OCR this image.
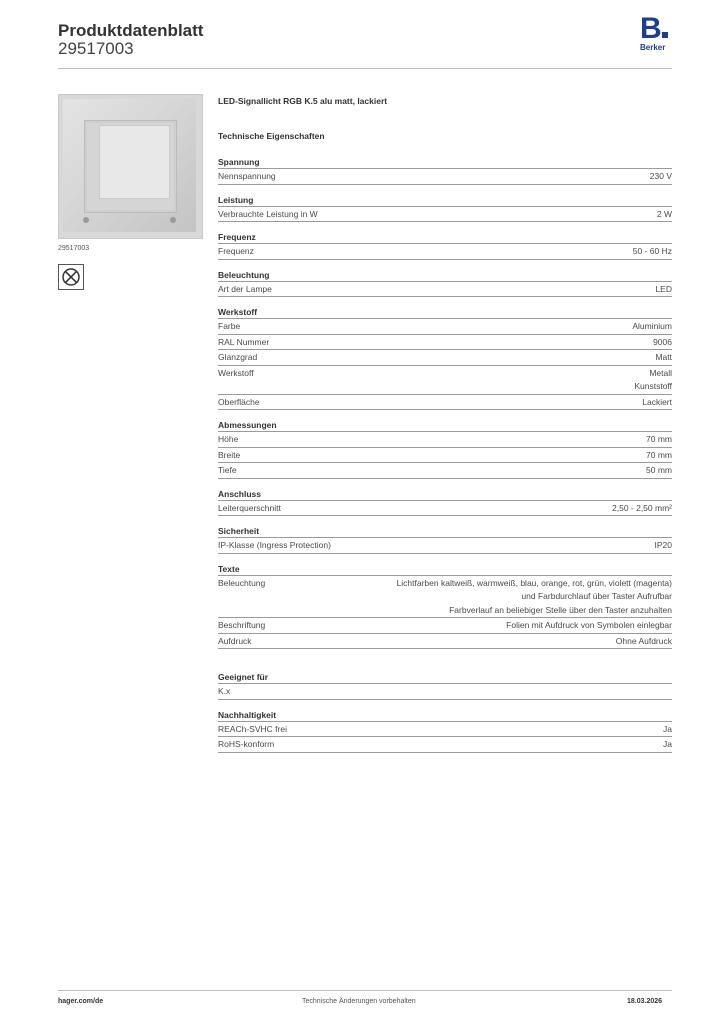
Produktdatenblatt
29517003
B
Berker
29517003
LED-Signallicht RGB K.5 alu matt, lackiert
Technische Eigenschaften
Spannung
Nennspannung	230 V
Leistung
Verbrauchte Leistung in W	2 W
Frequenz
Frequenz	50 - 60 Hz
Beleuchtung
Art der Lampe	LED
Werkstoff
Farbe	Aluminium
RAL Nummer	9006
Glanzgrad	Matt
Werkstoff	Metall
Kunststoff
Oberfläche	Lackiert
Abmessungen
Höhe	70 mm
Breite	70 mm
Tiefe	50 mm
Anschluss
Leiterquerschnitt	2,50 - 2,50 mm²
Sicherheit
IP-Klasse (Ingress Protection)	IP20
Texte
Beleuchtung	Lichtfarben kaltweiß, warmweiß, blau, orange, rot, grün, violett (magenta)
und Farbdurchlauf über Taster Aufrufbar
Farbverlauf an beliebiger Stelle über den Taster anzuhalten
Beschriftung	Folien mit Aufdruck von Symbolen einlegbar
Aufdruck	Ohne Aufdruck
Geeignet für
K.x
Nachhaltigkeit
REACh-SVHC frei	Ja
RoHS-konform	Ja
hager.com/de	Technische Änderungen vorbehalten	18.03.2026
